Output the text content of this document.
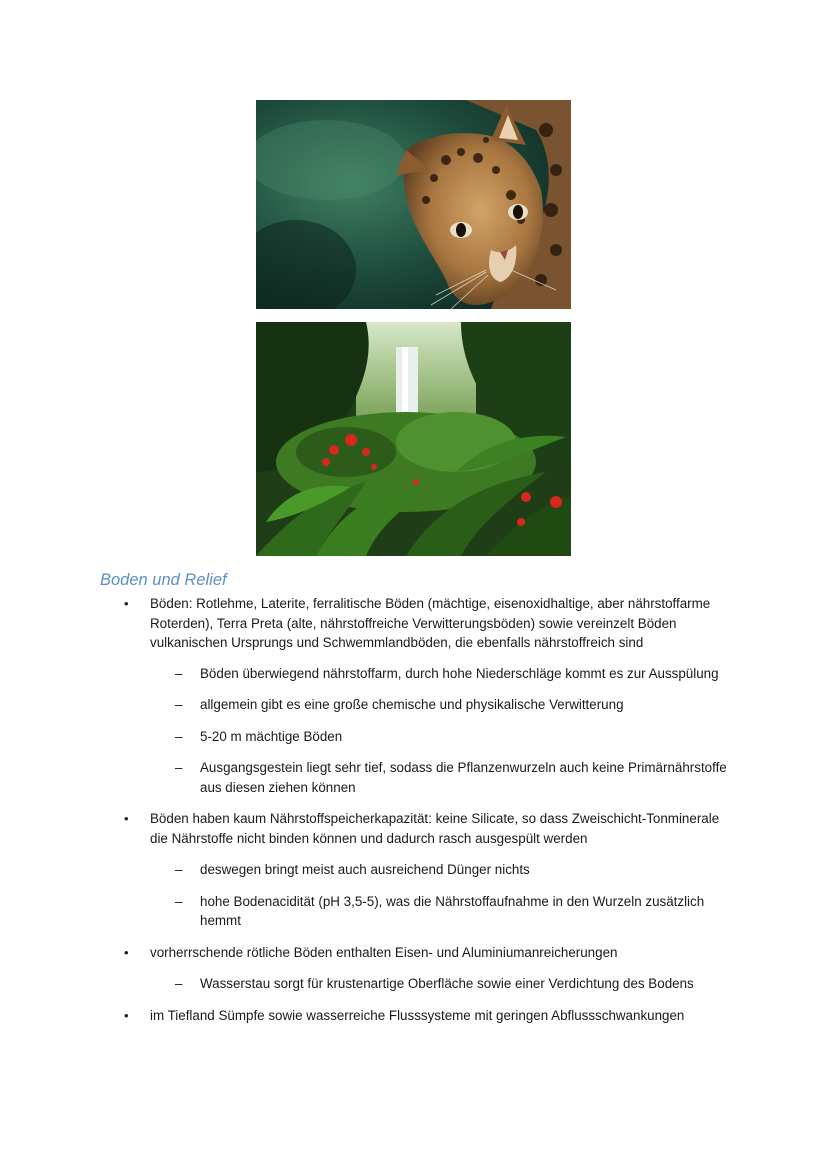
Boden und Relief
• Böden: Rotlehme, Laterite, ferralitische Böden (mächtige, eisenoxidhaltige, aber nährstoffarme Roterden), Terra Preta (alte, nährstoffreiche Verwitterungsböden) sowie vereinzelt Böden vulkanischen Ursprungs und Schwemmlandböden, die ebenfalls nährstoffreich sind
– Böden überwiegend nährstoffarm, durch hohe Niederschläge kommt es zur Ausspülung
– allgemein gibt es eine große chemische und physikalische Verwitterung
– 5-20 m mächtige Böden
– Ausgangsgestein liegt sehr tief, sodass die Pflanzenwurzeln auch keine Primärnährstoffe aus diesen ziehen können
• Böden haben kaum Nährstoffspeicherkapazität: keine Silicate, so dass Zweischicht-Tonminerale die Nährstoffe nicht binden können und dadurch rasch ausgespült werden
– deswegen bringt meist auch ausreichend Dünger nichts
– hohe Bodenacidität (pH 3,5-5), was die Nährstoffaufnahme in den Wurzeln zusätzlich hemmt
• vorherrschende rötliche Böden enthalten Eisen- und Aluminiumanreicherungen
– Wasserstau sorgt für krustenartige Oberfläche sowie einer Verdichtung des Bodens
• im Tiefland Sümpfe sowie wasserreiche Flusssysteme mit geringen Abflussschwankungen
